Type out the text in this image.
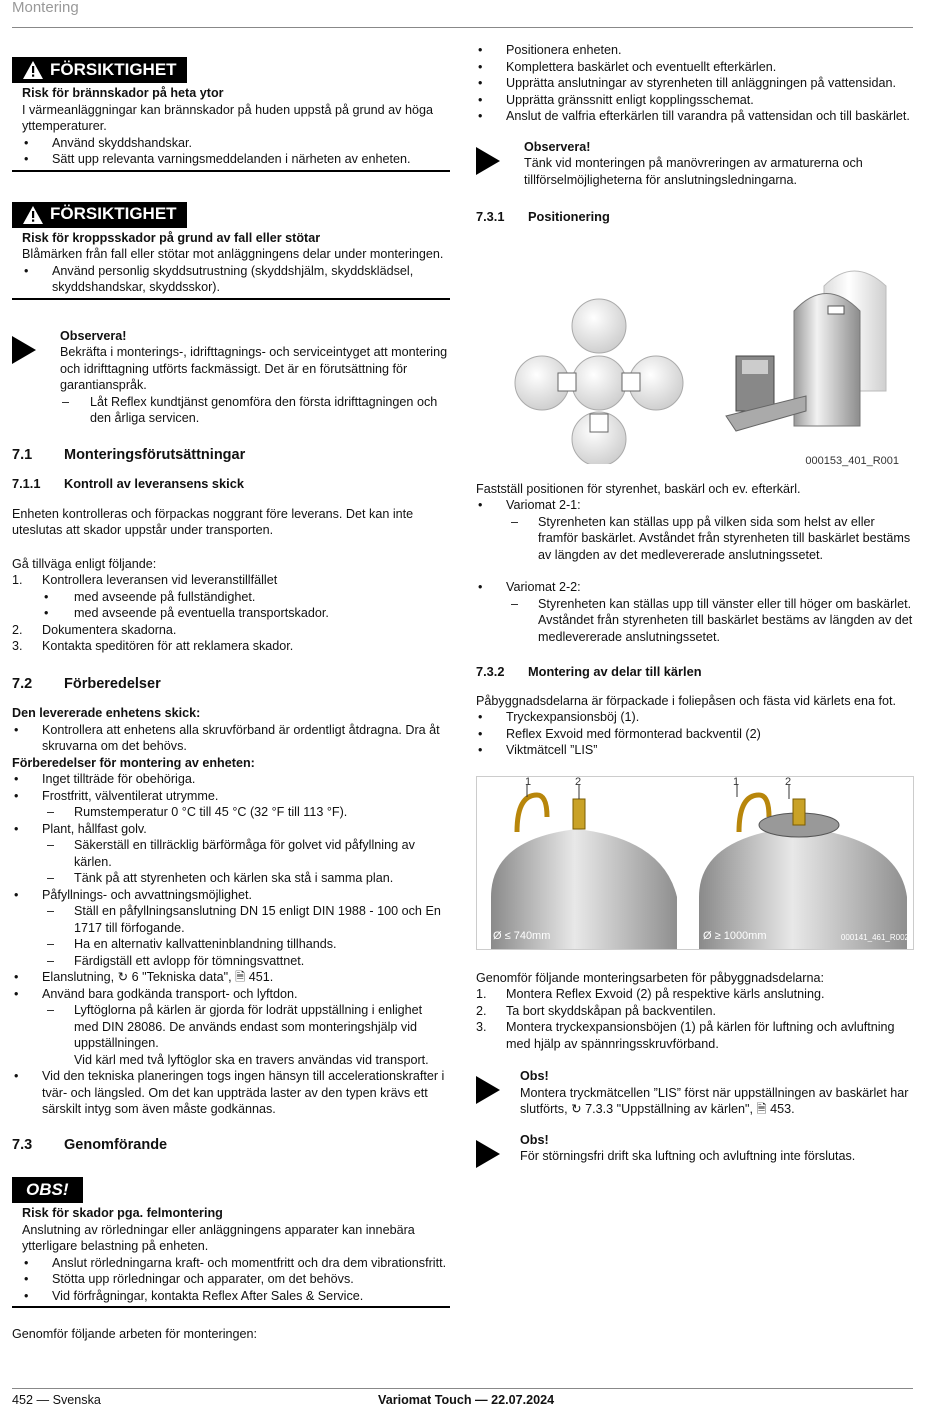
Montering
FÖRSIKTIGHET
Risk för brännskador på heta ytor
I värmeanläggningar kan brännskador på huden uppstå på grund av höga yttemperaturer.
• Använd skyddshandskar.
• Sätt upp relevanta varningsmeddelanden i närheten av enheten.
FÖRSIKTIGHET
Risk för kroppsskador på grund av fall eller stötar
Blåmärken från fall eller stötar mot anläggningens delar under monteringen.
• Använd personlig skyddsutrustning (skyddshjälm, skyddsklädsel, skyddshandskar, skyddsskor).
Observera!
Bekräfta i monterings-, idrifttagnings- och serviceintyget att montering och idrifttagning utförts fackmässigt. Det är en förutsättning för garantianspråk.
– Låt Reflex kundtjänst genomföra den första idrifttagningen och den årliga servicen.
7.1	Monteringsförutsättningar
7.1.1	Kontroll av leveransens skick

Enheten kontrolleras och förpackas noggrant före leverans. Det kan inte uteslutas att skador uppstår under transporten.

Gå tillväga enligt följande:

1. Kontrollera leveransen vid leveranstillfället
• med avseende på fullständighet.
• med avseende på eventuella transportskador.
2. Dokumentera skadorna.
3. Kontakta speditören för att reklamera skador.
7.2	Förberedelser

Den levererade enhetens skick:

• Kontrollera att enhetens alla skruvförband är ordentligt åtdragna. Dra åt skruvarna om det behövs.

Förberedelser för montering av enheten:

• Inget tillträde för obehöriga.
• Frostfritt, välventilerat utrymme.
– Rumstemperatur 0 °C till 45 °C (32 °F till 113 °F).
• Plant, hållfast golv.
– Säkerställ en tillräcklig bärförmåga för golvet vid påfyllning av kärlen.
– Tänk på att styrenheten och kärlen ska stå i samma plan.
• Påfyllnings- och avvattningsmöjlighet.
– Ställ en påfyllningsanslutning DN 15 enligt DIN 1988 - 100 och En 1717 till förfogande.
– Ha en alternativ kallvatteninblandning tillhands.
– Färdigställ ett avlopp för tömningsvattnet.
• Elanslutning, ↻ 6 "Tekniska data", 🗎 451.
• Använd bara godkända transport- och lyftdon.
– Lyftöglorna på kärlen är gjorda för lodrät uppställning i enlighet med DIN 28086. De används endast som monteringshjälp vid uppställningen.
Vid kärl med två lyftöglor ska en travers användas vid transport.
• Vid den tekniska planeringen togs ingen hänsyn till accelerationskrafter i tvär- och längsled. Om det kan uppträda laster av den typen krävs ett särskilt intyg som även måste godkännas.
7.3	Genomförande
OBS!
Risk för skador pga. felmontering
Anslutning av rörledningar eller anläggningens apparater kan innebära ytterligare belastning på enheten.
• Anslut rörledningarna kraft- och momentfritt och dra dem vibrationsfritt.
• Stötta upp rörledningar och apparater, om det behövs.
• Vid förfrågningar, kontakta Reflex After Sales & Service.

Genomför följande arbeten för monteringen:

• Positionera enheten.
• Komplettera baskärlet och eventuellt efterkärlen.
• Upprätta anslutningar av styrenheten till anläggningen på vattensidan.
• Upprätta gränssnitt enligt kopplingsschemat.
• Anslut de valfria efterkärlen till varandra på vattensidan och till baskärlet.
Observera!
Tänk vid monteringen på manövreringen av armaturerna och tillförselmöjligheterna för anslutningsledningarna.
7.3.1	Positionering
000153_401_R001

Fastställ positionen för styrenhet, baskärl och ev. efterkärl.

• Variomat 2-1:
– Styrenheten kan ställas upp på vilken sida som helst av eller framför baskärlet. Avståndet från styrenheten till baskärlet bestäms av längden av det medlevererade anslutningssetet.
• Variomat 2-2:
– Styrenheten kan ställas upp till vänster eller till höger om baskärlet. Avståndet från styrenheten till baskärlet bestäms av längden av det medlevererade anslutningssetet.
7.3.2	Montering av delar till kärlen

Påbyggnadsdelarna är förpackade i foliepåsen och fästa vid kärlets ena fot.

• Tryckexpansionsböj (1).
• Reflex Exvoid med förmonterad backventil (2)
• Viktmätcell ”LIS”
1	2	1	2
Ø ≤ 740mm	Ø ≥ 1000mm	000141_461_R002

Genomför följande monteringsarbeten för påbyggnadsdelarna:

1. Montera Reflex Exvoid (2) på respektive kärls anslutning.
2. Ta bort skyddskåpan på backventilen.
3. Montera tryckexpansionsböjen (1) på kärlen för luftning och avluftning med hjälp av spännringsskruvförband.
Obs!
Montera tryckmätcellen ”LIS” först när uppställningen av baskärlet har slutförts, ↻ 7.3.3 "Uppställning av kärlen", 🗎 453.
Obs!
För störningsfri drift ska luftning och avluftning inte förslutas.
452 — Svenska	Variomat Touch — 22.07.2024
